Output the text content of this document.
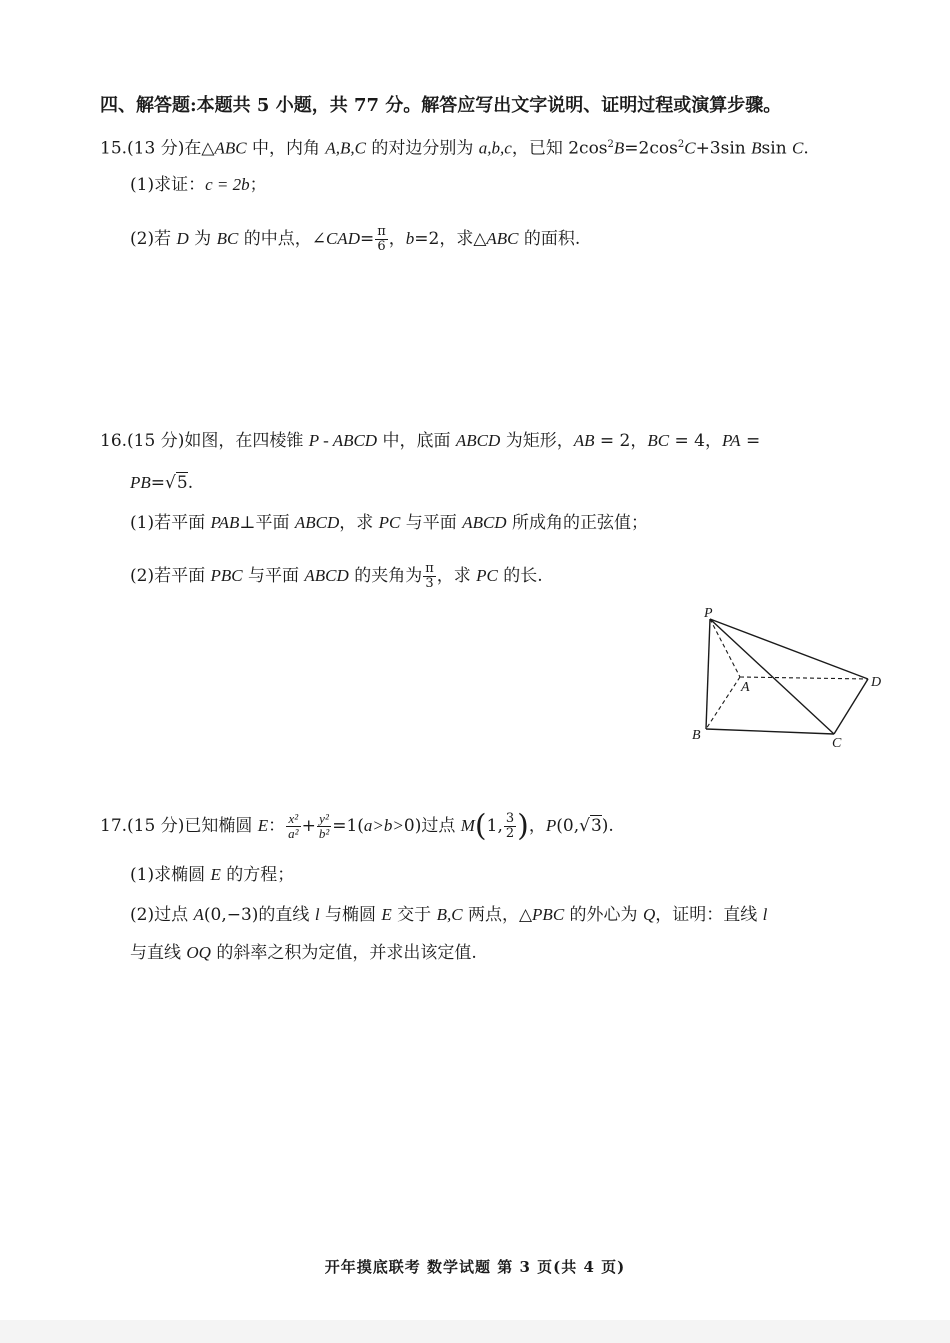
四、解答题:本题共 5 小题，共 77 分。解答应写出文字说明、证明过程或演算步骤。
15.(13 分)在△ABC 中，内角 A,B,C 的对边分别为 a,b,c，已知 $2\cos^2B=2\cos^2C+3\sin$ Bsin C.
(1)求证：c = 2b；
(2)若 D 为 BC 的中点，∠CAD= $\frac{\pi}{6}$ ，b=2，求△ABC 的面积.
16.(15 分)如图，在四棱锥 P - ABCD 中，底面 ABCD 为矩形，AB = 2，BC = 4，PA =
PB=√5.
(1)若平面 PAB⊥平面 ABCD，求 PC 与平面 ABCD 所成角的正弦值；
(2)若平面 PBC 与平面 ABCD 的夹角为 $\frac{\pi}{3}$ ，求 PC 的长.
P
A
B
C
D
17.(15 分)已知椭圆 E： $\frac{\text{x²}}{\text{a²}} + \frac{\text{y²}}{\text{b²}} =1(a>b>0)$过点 M(1, $\frac{3}{2}$ )，P(0,√3).
(1)求椭圆 E 的方程；
(2)过点 A(0,−3)的直线 l 与椭圆 E 交于 B,C 两点，△PBC 的外心为 Q，证明：直线 l
与直线 OQ 的斜率之积为定值，并求出该定值.
开年摸底联考 数学试题 第 3 页(共 4 页)
